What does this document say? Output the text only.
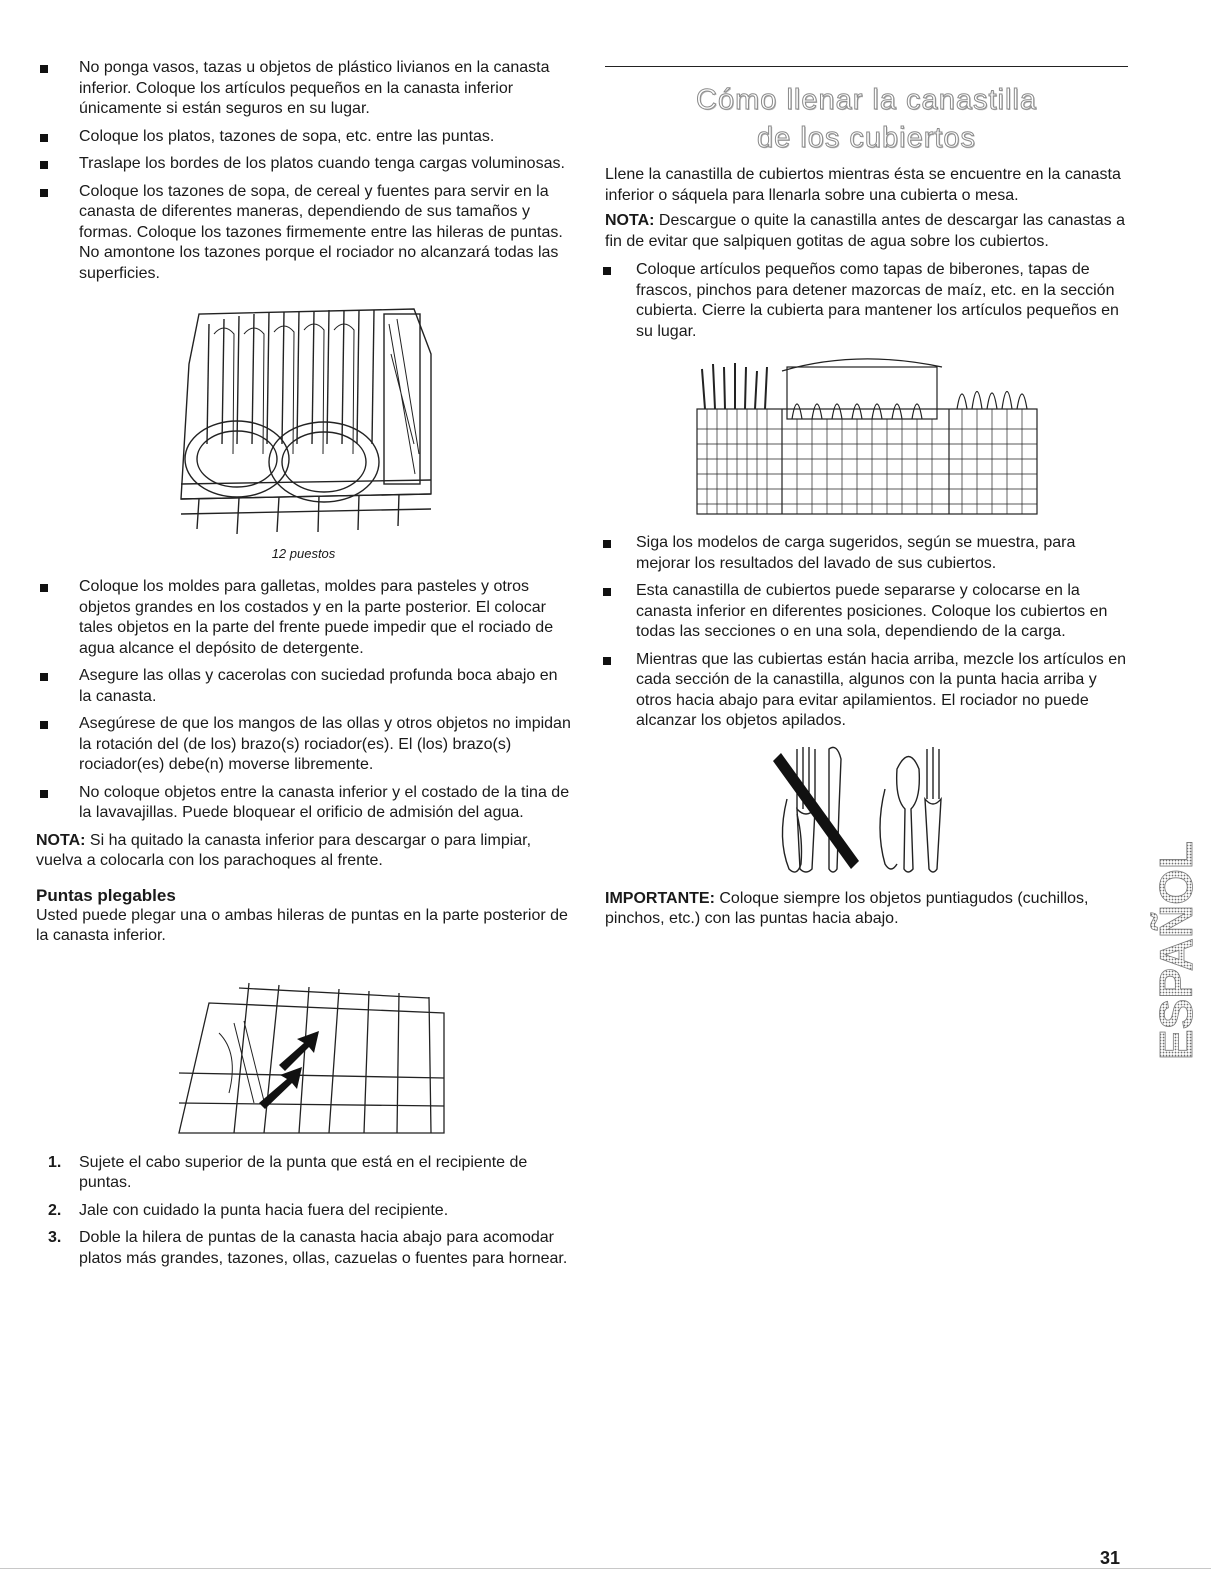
No ponga vasos, tazas u objetos de plástico livianos en la canasta inferior. Coloque los artículos pequeños en la canasta inferior únicamente si están seguros en su lugar.
Coloque los platos, tazones de sopa, etc. entre las puntas.
Traslape los bordes de los platos cuando tenga cargas voluminosas.
Coloque los tazones de sopa, de cereal y fuentes para servir en la canasta de diferentes maneras, dependiendo de sus tamaños y formas. Coloque los tazones firmemente entre las hileras de puntas. No amontone los tazones porque el rociador no alcanzará todas las superficies.
12 puestos
Coloque los moldes para galletas, moldes para pasteles y otros objetos grandes en los costados y en la parte posterior. El colocar tales objetos en la parte del frente puede impedir que el rociado de agua alcance el depósito de detergente.
Asegure las ollas y cacerolas con suciedad profunda boca abajo en la canasta.
Asegúrese de que los mangos de las ollas y otros objetos no impidan la rotación del (de los) brazo(s) rociador(es). El (los) brazo(s) rociador(es) debe(n) moverse libremente.
No coloque objetos entre la canasta inferior y el costado de la tina de la lavavajillas. Puede bloquear el orificio de admisión del agua.

NOTA: Si ha quitado la canasta inferior para descargar o para limpiar, vuelva a colocarla con los parachoques al frente.

Puntas plegables

Usted puede plegar una o ambas hileras de puntas en la parte posterior de la canasta inferior.

1. Sujete el cabo superior de la punta que está en el recipiente de puntas.
2. Jale con cuidado la punta hacia fuera del recipiente.
3. Doble la hilera de puntas de la canasta hacia abajo para acomodar platos más grandes, tazones, ollas, cazuelas o fuentes para hornear.
Cómo llenar la canastilla
de los cubiertos

Llene la canastilla de cubiertos mientras ésta se encuentre en la canasta inferior o sáquela para llenarla sobre una cubierta o mesa.

NOTA: Descargue o quite la canastilla antes de descargar las canastas a fin de evitar que salpiquen gotitas de agua sobre los cubiertos.

Coloque artículos pequeños como tapas de biberones, tapas de frascos, pinchos para detener mazorcas de maíz, etc. en la sección cubierta. Cierre la cubierta para mantener los artículos pequeños en su lugar.
Siga los modelos de carga sugeridos, según se muestra, para mejorar los resultados del lavado de sus cubiertos.
Esta canastilla de cubiertos puede separarse y colocarse en la canasta inferior en diferentes posiciones. Coloque los cubiertos en todas las secciones o en una sola, dependiendo de la carga.
Mientras que las cubiertas están hacia arriba, mezcle los artículos en cada sección de la canastilla, algunos con la punta hacia arriba y otros hacia abajo para evitar apilamientos. El rociador no puede alcanzar los objetos apilados.

IMPORTANTE: Coloque siempre los objetos puntiagudos (cuchillos, pinchos, etc.) con las puntas hacia abajo.	ESPAÑOL
31
